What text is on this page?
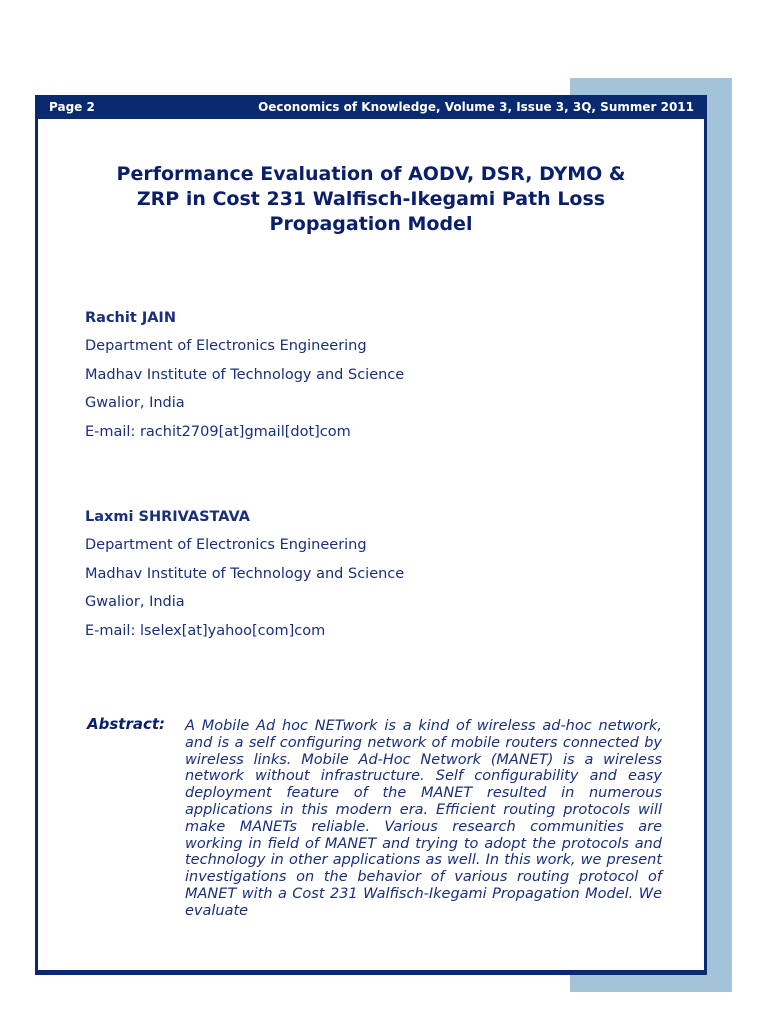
Page 2	Oeconomics of Knowledge, Volume 3, Issue 3, 3Q, Summer 2011
Performance Evaluation of AODV, DSR, DYMO &
ZRP in Cost 231 Walfisch-Ikegami Path Loss
Propagation Model
Rachit JAIN
Department of Electronics Engineering
Madhav Institute of Technology and Science
Gwalior, India
E-mail: rachit2709[at]gmail[dot]com
Laxmi SHRIVASTAVA
Department of Electronics Engineering
Madhav Institute of Technology and Science
Gwalior, India
E-mail: lselex[at]yahoo[com]com
Abstract: A Mobile Ad hoc NETwork is a kind of wireless ad-hoc network, and is a self configuring network of mobile routers connected by wireless links. Mobile Ad-Hoc Network (MANET) is a wireless network without infrastructure. Self configurability and easy deployment feature of the MANET resulted in numerous applications in this modern era. Efficient routing protocols will make MANETs reliable. Various research communities are working in field of MANET and trying to adopt the protocols and technology in other applications as well. In this work, we present investigations on the behavior of various routing protocol of MANET with a Cost 231 Walfisch-Ikegami Propagation Model. We evaluate
